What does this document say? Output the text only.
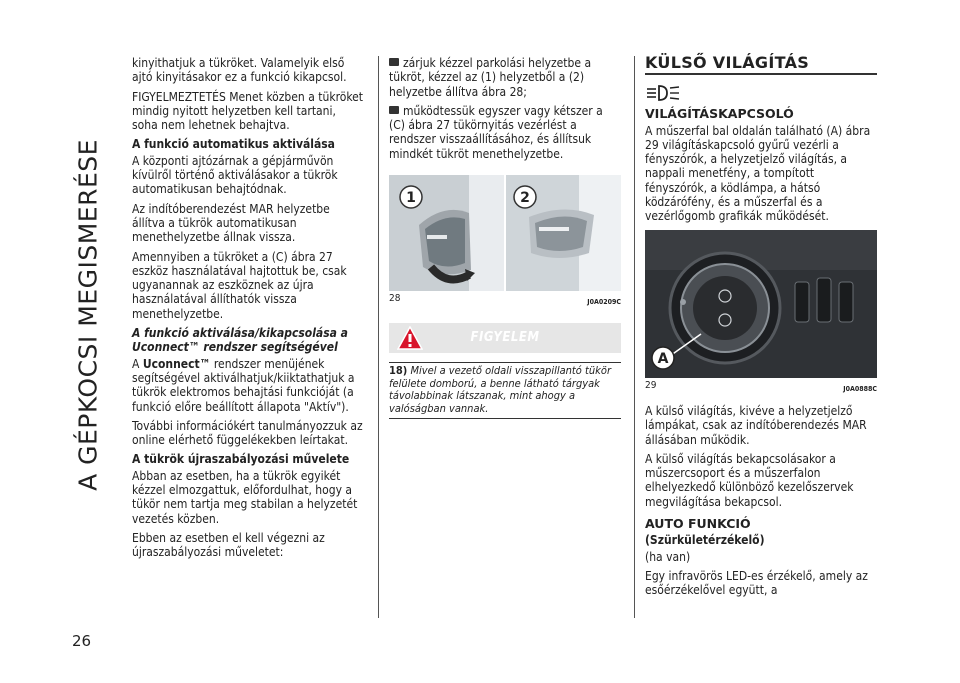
A GÉPKOCSI MEGISMERÉSE
26

kinyithatjuk a tükröket. Valamelyik első ajtó kinyitásakor ez a funkció kikapcsol.

FIGYELMEZTETÉS Menet közben a tükröket mindig nyitott helyzetben kell tartani, soha nem lehetnek behajtva.

A funkció automatikus aktiválása

A központi ajtózárnak a gépjárművön kívülről történő aktiválásakor a tükrök automatikusan behajtódnak.

Az indítóberendezést MAR helyzetbe állítva a tükrök automatikusan menethelyzetbe állnak vissza.

Amennyiben a tükröket a (C) ábra 27 eszköz használatával hajtottuk be, csak ugyanannak az eszköznek az újra használatával állíthatók vissza menethelyzetbe.

A funkció aktiválása/kikapcsolása a Uconnect™ rendszer segítségével

A Uconnect™ rendszer menüjének segítségével aktiválhatjuk/kiiktathatjuk a tükrök elektromos behajtási funkcióját (a funkció előre beállított állapota "Aktív").

További információkért tanulmányozzuk az online elérhető függelékekben leírtakat.

A tükrök újraszabályozási művelete

Abban az esetben, ha a tükrök egyikét kézzel elmozgattuk, előfordulhat, hogy a tükör nem tartja meg stabilan a helyzetét vezetés közben.

Ebben az esetben el kell végezni az újraszabályozási műveletet:

zárjuk kézzel parkolási helyzetbe a tükröt, kézzel az (1) helyzetből a (2) helyzetbe állítva ábra 28;

működtessük egyszer vagy kétszer a (C) ábra 27 tükörnyitás vezérlést a rendszer visszaállításához, és állítsuk mindkét tükröt menethelyzetbe.

1	2
28	J0A0209C
FIGYELEM
18) Mivel a vezető oldali visszapillantó tükör felülete domború, a benne látható tárgyak távolabbinak látszanak, mint ahogy a valóságban vannak.
KÜLSŐ VILÁGÍTÁS
VILÁGÍTÁSKAPCSOLÓ

A műszerfal bal oldalán található (A) ábra 29 világításkapcsoló gyűrű vezérli a fényszórók, a helyzetjelző világítás, a nappali menetfény, a tompított fényszórók, a ködlámpa, a hátsó ködzárófény, és a műszerfal és a vezérlőgomb grafikák működését.

A
29	J0A0888C

A külső világítás, kivéve a helyzetjelző lámpákat, csak az indítóberendezés MAR állásában működik.

A külső világítás bekapcsolásakor a műszercsoport és a műszerfalon elhelyezkedő különböző kezelőszervek megvilágítása bekapcsol.

AUTO FUNKCIÓ
(Szürkületérzékelő)

(ha van)

Egy infravörös LED-es érzékelő, amely az esőérzékelővel együtt, a
